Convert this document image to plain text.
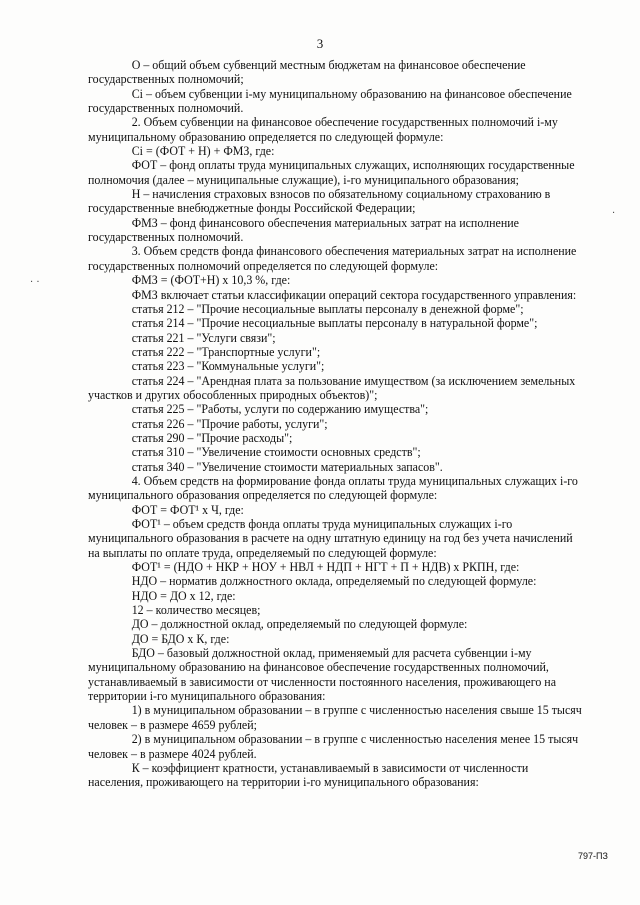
3
О – общий объем субвенций местным бюджетам на финансовое обеспечение
государственных полномочий;
Сi – объем субвенции i-му муниципальному образованию на финансовое обеспечение
государственных полномочий.
2. Объем субвенции на финансовое обеспечение государственных полномочий i-му
муниципальному образованию определяется по следующей формуле:
Сi = (ФОТ + Н) + ФМЗ, где:
ФОТ – фонд оплаты труда муниципальных служащих, исполняющих государственные
полномочия (далее – муниципальные служащие), i-го муниципального образования;
Н – начисления страховых взносов по обязательному социальному страхованию в
государственные внебюджетные фонды Российской Федерации;
ФМЗ – фонд финансового обеспечения материальных затрат на исполнение
государственных полномочий.
3. Объем средств фонда финансового обеспечения материальных затрат на исполнение
государственных полномочий определяется по следующей формуле:
ФМЗ = (ФОТ+Н) х 10,3 %, где:
ФМЗ включает статьи классификации операций сектора государственного управления:
статья 212 – "Прочие несоциальные выплаты персоналу в денежной форме";
статья 214 – "Прочие несоциальные выплаты персоналу в натуральной форме";
статья 221 – "Услуги связи";
статья 222 – "Транспортные услуги";
статья 223 – "Коммунальные услуги";
статья 224 – "Арендная плата за пользование имуществом (за исключением земельных
участков и других обособленных природных объектов)";
статья 225 – "Работы, услуги по содержанию имущества";
статья 226 – "Прочие работы, услуги";
статья 290 – "Прочие расходы";
статья 310 – "Увеличение стоимости основных средств";
статья 340 – "Увеличение стоимости материальных запасов".
4. Объем средств на формирование фонда оплаты труда муниципальных служащих i-го
муниципального образования определяется по следующей формуле:
ФОТ = ФОТ¹ х Ч, где:
ФОТ¹ – объем средств фонда оплаты труда муниципальных служащих i-го
муниципального образования в расчете на одну штатную единицу на год без учета начислений
на выплаты по оплате труда, определяемый по следующей формуле:
ФОТ¹ = (НДО + НКР + НОУ + НВЛ + НДП + НГТ + П + НДВ) х РКПН, где:
НДО – норматив должностного оклада, определяемый по следующей формуле:
НДО = ДО х 12, где:
12 – количество месяцев;
ДО – должностной оклад, определяемый по следующей формуле:
ДО = БДО х К, где:
БДО – базовый должностной оклад, применяемый для расчета субвенции i-му
муниципальному образованию на финансовое обеспечение государственных полномочий,
устанавливаемый в зависимости от численности постоянного населения, проживающего на
территории i-го муниципального образования:
1) в муниципальном образовании – в группе с численностью населения свыше 15 тысяч
человек – в размере 4659 рублей;
2) в муниципальном образовании – в группе с численностью населения менее 15 тысяч
человек – в размере 4024 рублей.
К – коэффициент кратности, устанавливаемый в зависимости от численности
населения, проживающего на территории i-го муниципального образования:
·
· ·
797-ПЗ
